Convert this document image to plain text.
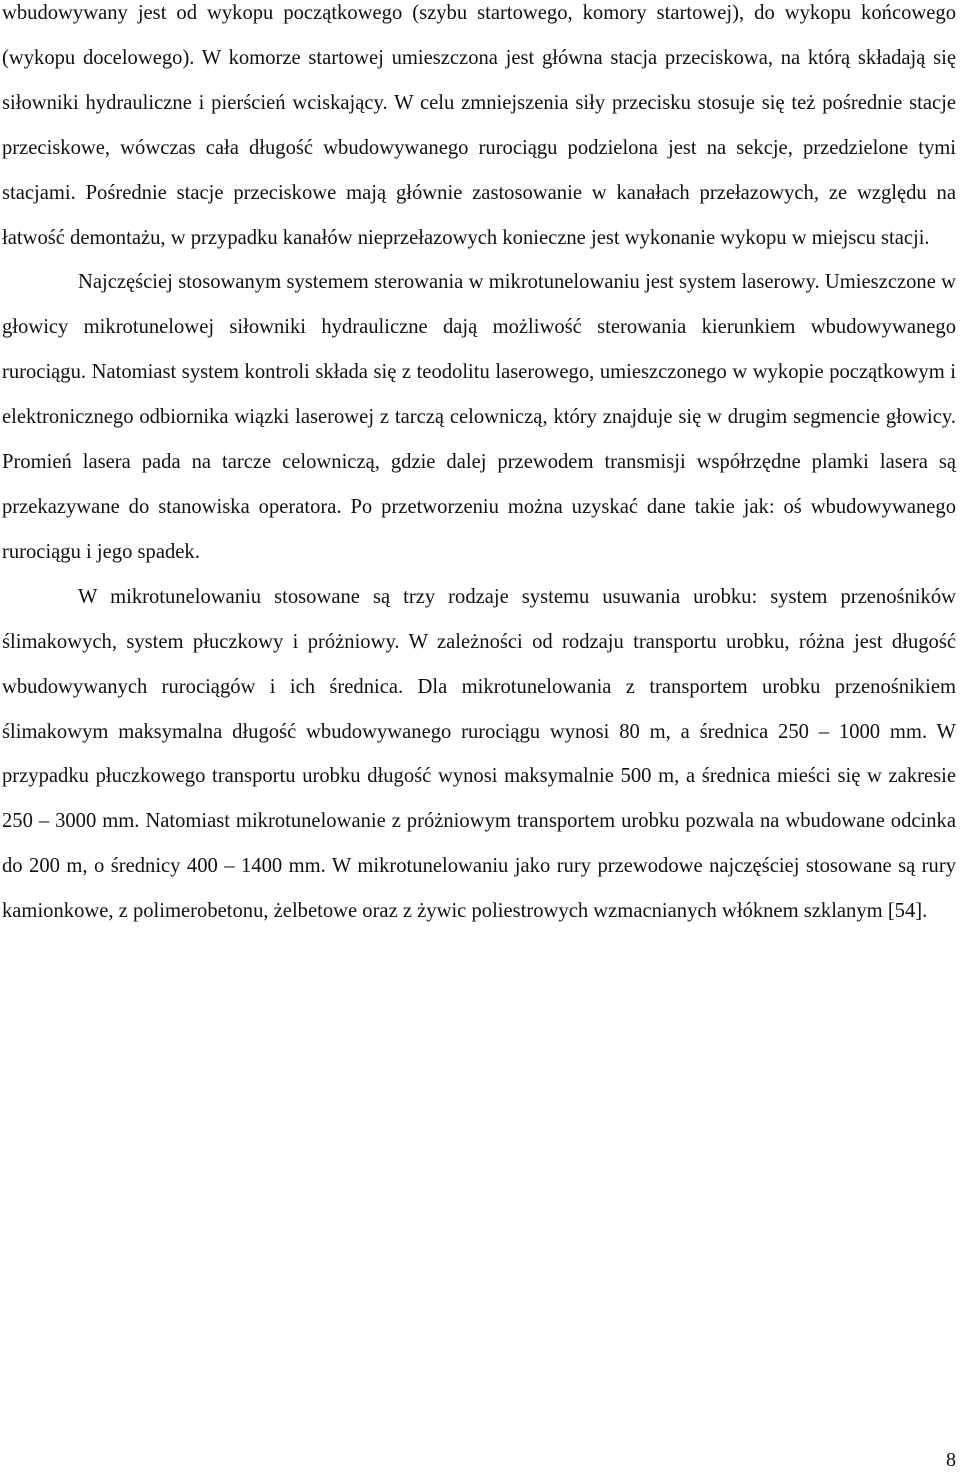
wbudowywany jest od wykopu początkowego (szybu startowego, komory startowej), do wykopu końcowego (wykopu docelowego). W komorze startowej umieszczona jest główna stacja przeciskowa, na którą składają się siłowniki hydrauliczne i pierścień wciskający. W celu zmniejszenia siły przecisku stosuje się też pośrednie stacje przeciskowe, wówczas cała długość wbudowywanego rurociągu podzielona jest na sekcje, przedzielone tymi stacjami. Pośrednie stacje przeciskowe mają głównie zastosowanie w kanałach przełazowych, ze względu na łatwość demontażu, w przypadku kanałów nieprzełazowych konieczne jest wykonanie wykopu w miejscu stacji.

Najczęściej stosowanym systemem sterowania w mikrotunelowaniu jest system laserowy. Umieszczone w głowicy mikrotunelowej siłowniki hydrauliczne dają możliwość sterowania kierunkiem wbudowywanego rurociągu. Natomiast system kontroli składa się z teodolitu laserowego, umieszczonego w wykopie początkowym i elektronicznego odbiornika wiązki laserowej z tarczą celowniczą, który znajduje się w drugim segmencie głowicy. Promień lasera pada na tarcze celowniczą, gdzie dalej przewodem transmisji współrzędne plamki lasera są przekazywane do stanowiska operatora. Po przetworzeniu można uzyskać dane takie jak: oś wbudowywanego rurociągu i jego spadek.

W mikrotunelowaniu stosowane są trzy rodzaje systemu usuwania urobku: system przenośników ślimakowych, system płuczkowy i próżniowy. W zależności od rodzaju transportu urobku, różna jest długość wbudowywanych rurociągów i ich średnica. Dla mikrotunelowania z transportem urobku przenośnikiem ślimakowym maksymalna długość wbudowywanego rurociągu wynosi 80 m, a średnica 250 – 1000 mm. W przypadku płuczkowego transportu urobku długość wynosi maksymalnie 500 m, a średnica mieści się w zakresie 250 – 3000 mm. Natomiast mikrotunelowanie z próżniowym transportem urobku pozwala na wbudowane odcinka do 200 m, o średnicy 400 – 1400 mm. W mikrotunelowaniu jako rury przewodowe najczęściej stosowane są rury kamionkowe, z polimerobetonu, żelbetowe oraz z żywic poliestrowych wzmacnianych włóknem szklanym [54].

8
